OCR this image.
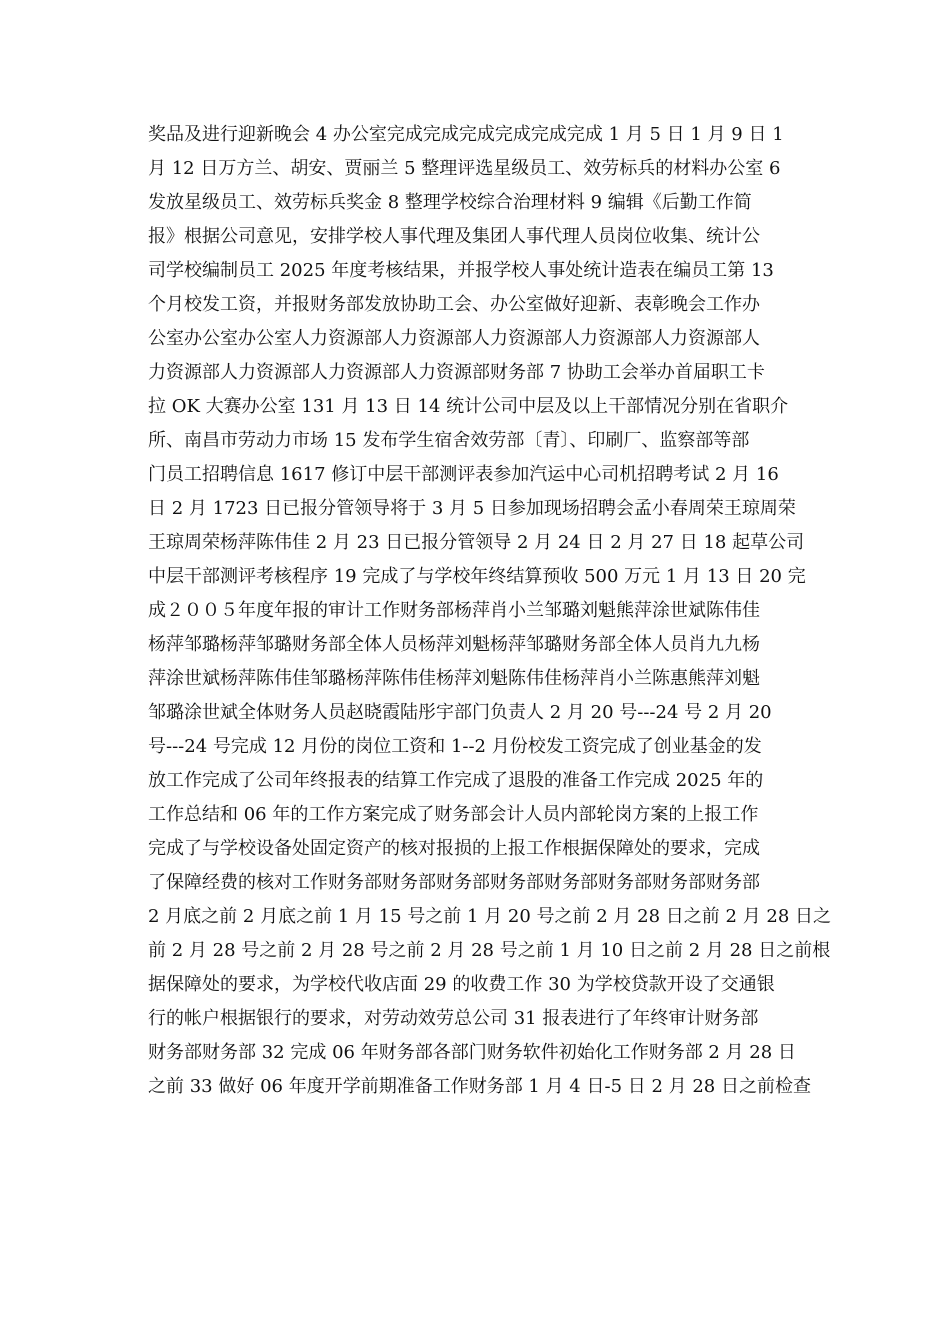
奖品及进行迎新晚会 4 办公室完成完成完成完成完成完成 1 月 5 日 1 月 9 日 1
月 12 日万方兰、胡安、贾丽兰 5 整理评选星级员工、效劳标兵的材料办公室 6
发放星级员工、效劳标兵奖金 8 整理学校综合治理材料 9 编辑《后勤工作简
报》根据公司意见，安排学校人事代理及集团人事代理人员岗位收集、统计公
司学校编制员工 2025 年度考核结果，并报学校人事处统计造表在编员工第 13
个月校发工资，并报财务部发放协助工会、办公室做好迎新、表彰晚会工作办
公室办公室办公室人力资源部人力资源部人力资源部人力资源部人力资源部人
力资源部人力资源部人力资源部人力资源部财务部 7 协助工会举办首届职工卡
拉 OK 大赛办公室 131 月 13 日 14 统计公司中层及以上干部情况分别在省职介
所、南昌市劳动力市场 15 发布学生宿舍效劳部〔青〕、印刷厂、监察部等部
门员工招聘信息 1617 修订中层干部测评表参加汽运中心司机招聘考试 2 月 16
日 2 月 1723 日已报分管领导将于 3 月 5 日参加现场招聘会孟小春周荣王琼周荣
王琼周荣杨萍陈伟佳 2 月 23 日已报分管领导 2 月 24 日 2 月 27 日 18 起草公司
中层干部测评考核程序 19 完成了与学校年终结算预收 500 万元 1 月 13 日 20 完
成２００５年度年报的审计工作财务部杨萍肖小兰邹璐刘魁熊萍涂世斌陈伟佳
杨萍邹璐杨萍邹璐财务部全体人员杨萍刘魁杨萍邹璐财务部全体人员肖九九杨
萍涂世斌杨萍陈伟佳邹璐杨萍陈伟佳杨萍刘魁陈伟佳杨萍肖小兰陈惠熊萍刘魁
邹璐涂世斌全体财务人员赵晓霞陆彤宇部门负责人 2 月 20 号---24 号 2 月 20
号---24 号完成 12 月份的岗位工资和 1--2 月份校发工资完成了创业基金的发
放工作完成了公司年终报表的结算工作完成了退股的准备工作完成 2025 年的
工作总结和 06 年的工作方案完成了财务部会计人员内部轮岗方案的上报工作
完成了与学校设备处固定资产的核对报损的上报工作根据保障处的要求，完成
了保障经费的核对工作财务部财务部财务部财务部财务部财务部财务部财务部
2 月底之前 2 月底之前 1 月 15 号之前 1 月 20 号之前 2 月 28 日之前 2 月 28 日之
前 2 月 28 号之前 2 月 28 号之前 2 月 28 号之前 1 月 10 日之前 2 月 28 日之前根
据保障处的要求，为学校代收店面 29 的收费工作 30 为学校贷款开设了交通银
行的帐户根据银行的要求，对劳动效劳总公司 31 报表进行了年终审计财务部
财务部财务部 32 完成 06 年财务部各部门财务软件初始化工作财务部 2 月 28 日
之前 33 做好 06 年度开学前期准备工作财务部 1 月 4 日-5 日 2 月 28 日之前检查
